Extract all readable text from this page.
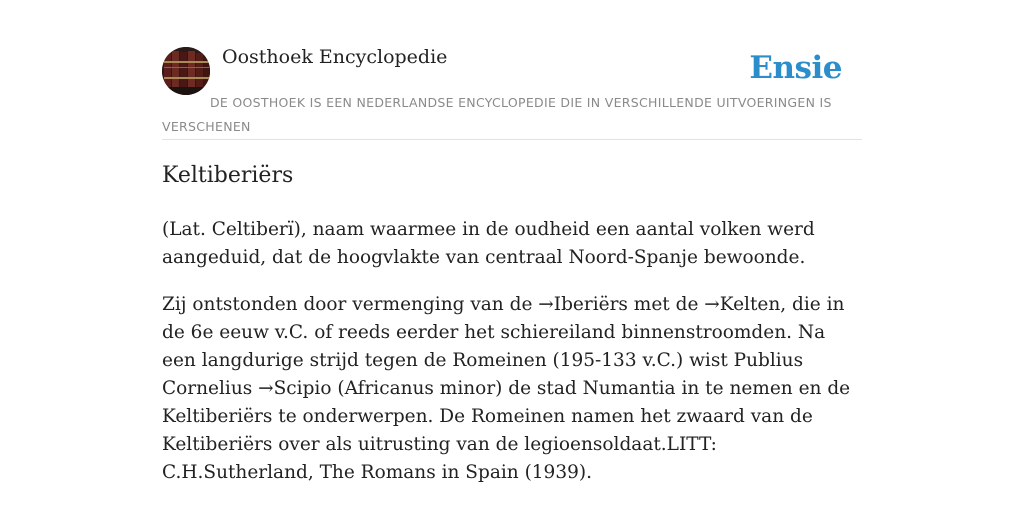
Oosthoek Encyclopedie	Ensie
DE OOSTHOEK IS EEN NEDERLANDSE ENCYCLOPEDIE DIE IN VERSCHILLENDE UITVOERINGEN IS VERSCHENEN
Keltiberiërs

(Lat. Celtiberï), naam waarmee in de oudheid een aantal volken werd aangeduid, dat de hoogvlakte van centraal Noord-Spanje bewoonde.

Zij ontstonden door vermenging van de →Iberiërs met de →Kelten, die in de 6e eeuw v.C. of reeds eerder het schiereiland binnenstroomden. Na een langdurige strijd tegen de Romeinen (195-133 v.C.) wist Publius Cornelius →Scipio (Africanus minor) de stad Numantia in te nemen en de Keltiberiërs te onderwerpen. De Romeinen namen het zwaard van de Keltiberiërs over als uitrusting van de legioensoldaat.LITT: C.H.Sutherland, The Romans in Spain (1939).
